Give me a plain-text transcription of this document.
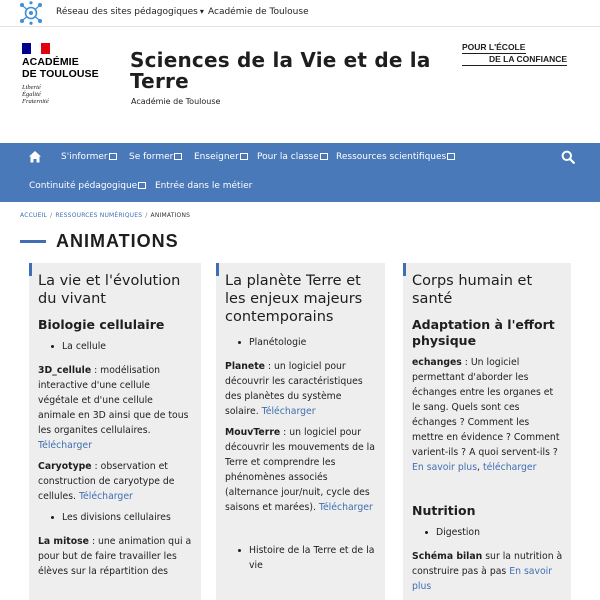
Réseau des sites pédagogiques ▾ Académie de Toulouse
ACADÉMIE
DE TOULOUSE
Liberté
Égalité
Fraternité
Sciences de la Vie et de la Terre
Académie de Toulouse
POUR L'ÉCOLE
DE LA CONFIANCE
S'informer	Se former	Enseigner	Pour la classe	Ressources scientifiques
Continuité pédagogique	Entrée dans le métier
ACCUEIL / RESSOURCES NUMÉRIQUES / ANIMATIONS
ANIMATIONS
La vie et l'évolution du vivant
Biologie cellulaire
La cellule

3D_cellule : modélisation interactive d'une cellule végétale et d'une cellule animale en 3D ainsi que de tous les organites cellulaires. Télécharger

Caryotype : observation et construction de caryotype de cellules. Télécharger

Les divisions cellulaires

La mitose : une animation qui a pour but de faire travailler les élèves sur la répartition des

La planète Terre et les enjeux majeurs contemporains
Planétologie

Planete : un logiciel pour découvrir les caractéristiques des planètes du système solaire. Télécharger

MouvTerre : un logiciel pour découvrir les mouvements de la Terre et comprendre les phénomènes associés (alternance jour/nuit, cycle des saisons et marées). Télécharger

Histoire de la Terre et de la vie
Corps humain et santé
Adaptation à l'effort physique

echanges : Un logiciel permettant d'aborder les échanges entre les organes et le sang. Quels sont ces échanges ? Comment les mettre en évidence ? Comment varient-ils ? A quoi servent-ils ? En savoir plus, télécharger

Nutrition
Digestion

Schéma bilan sur la nutrition à construire pas à pas En savoir plus
